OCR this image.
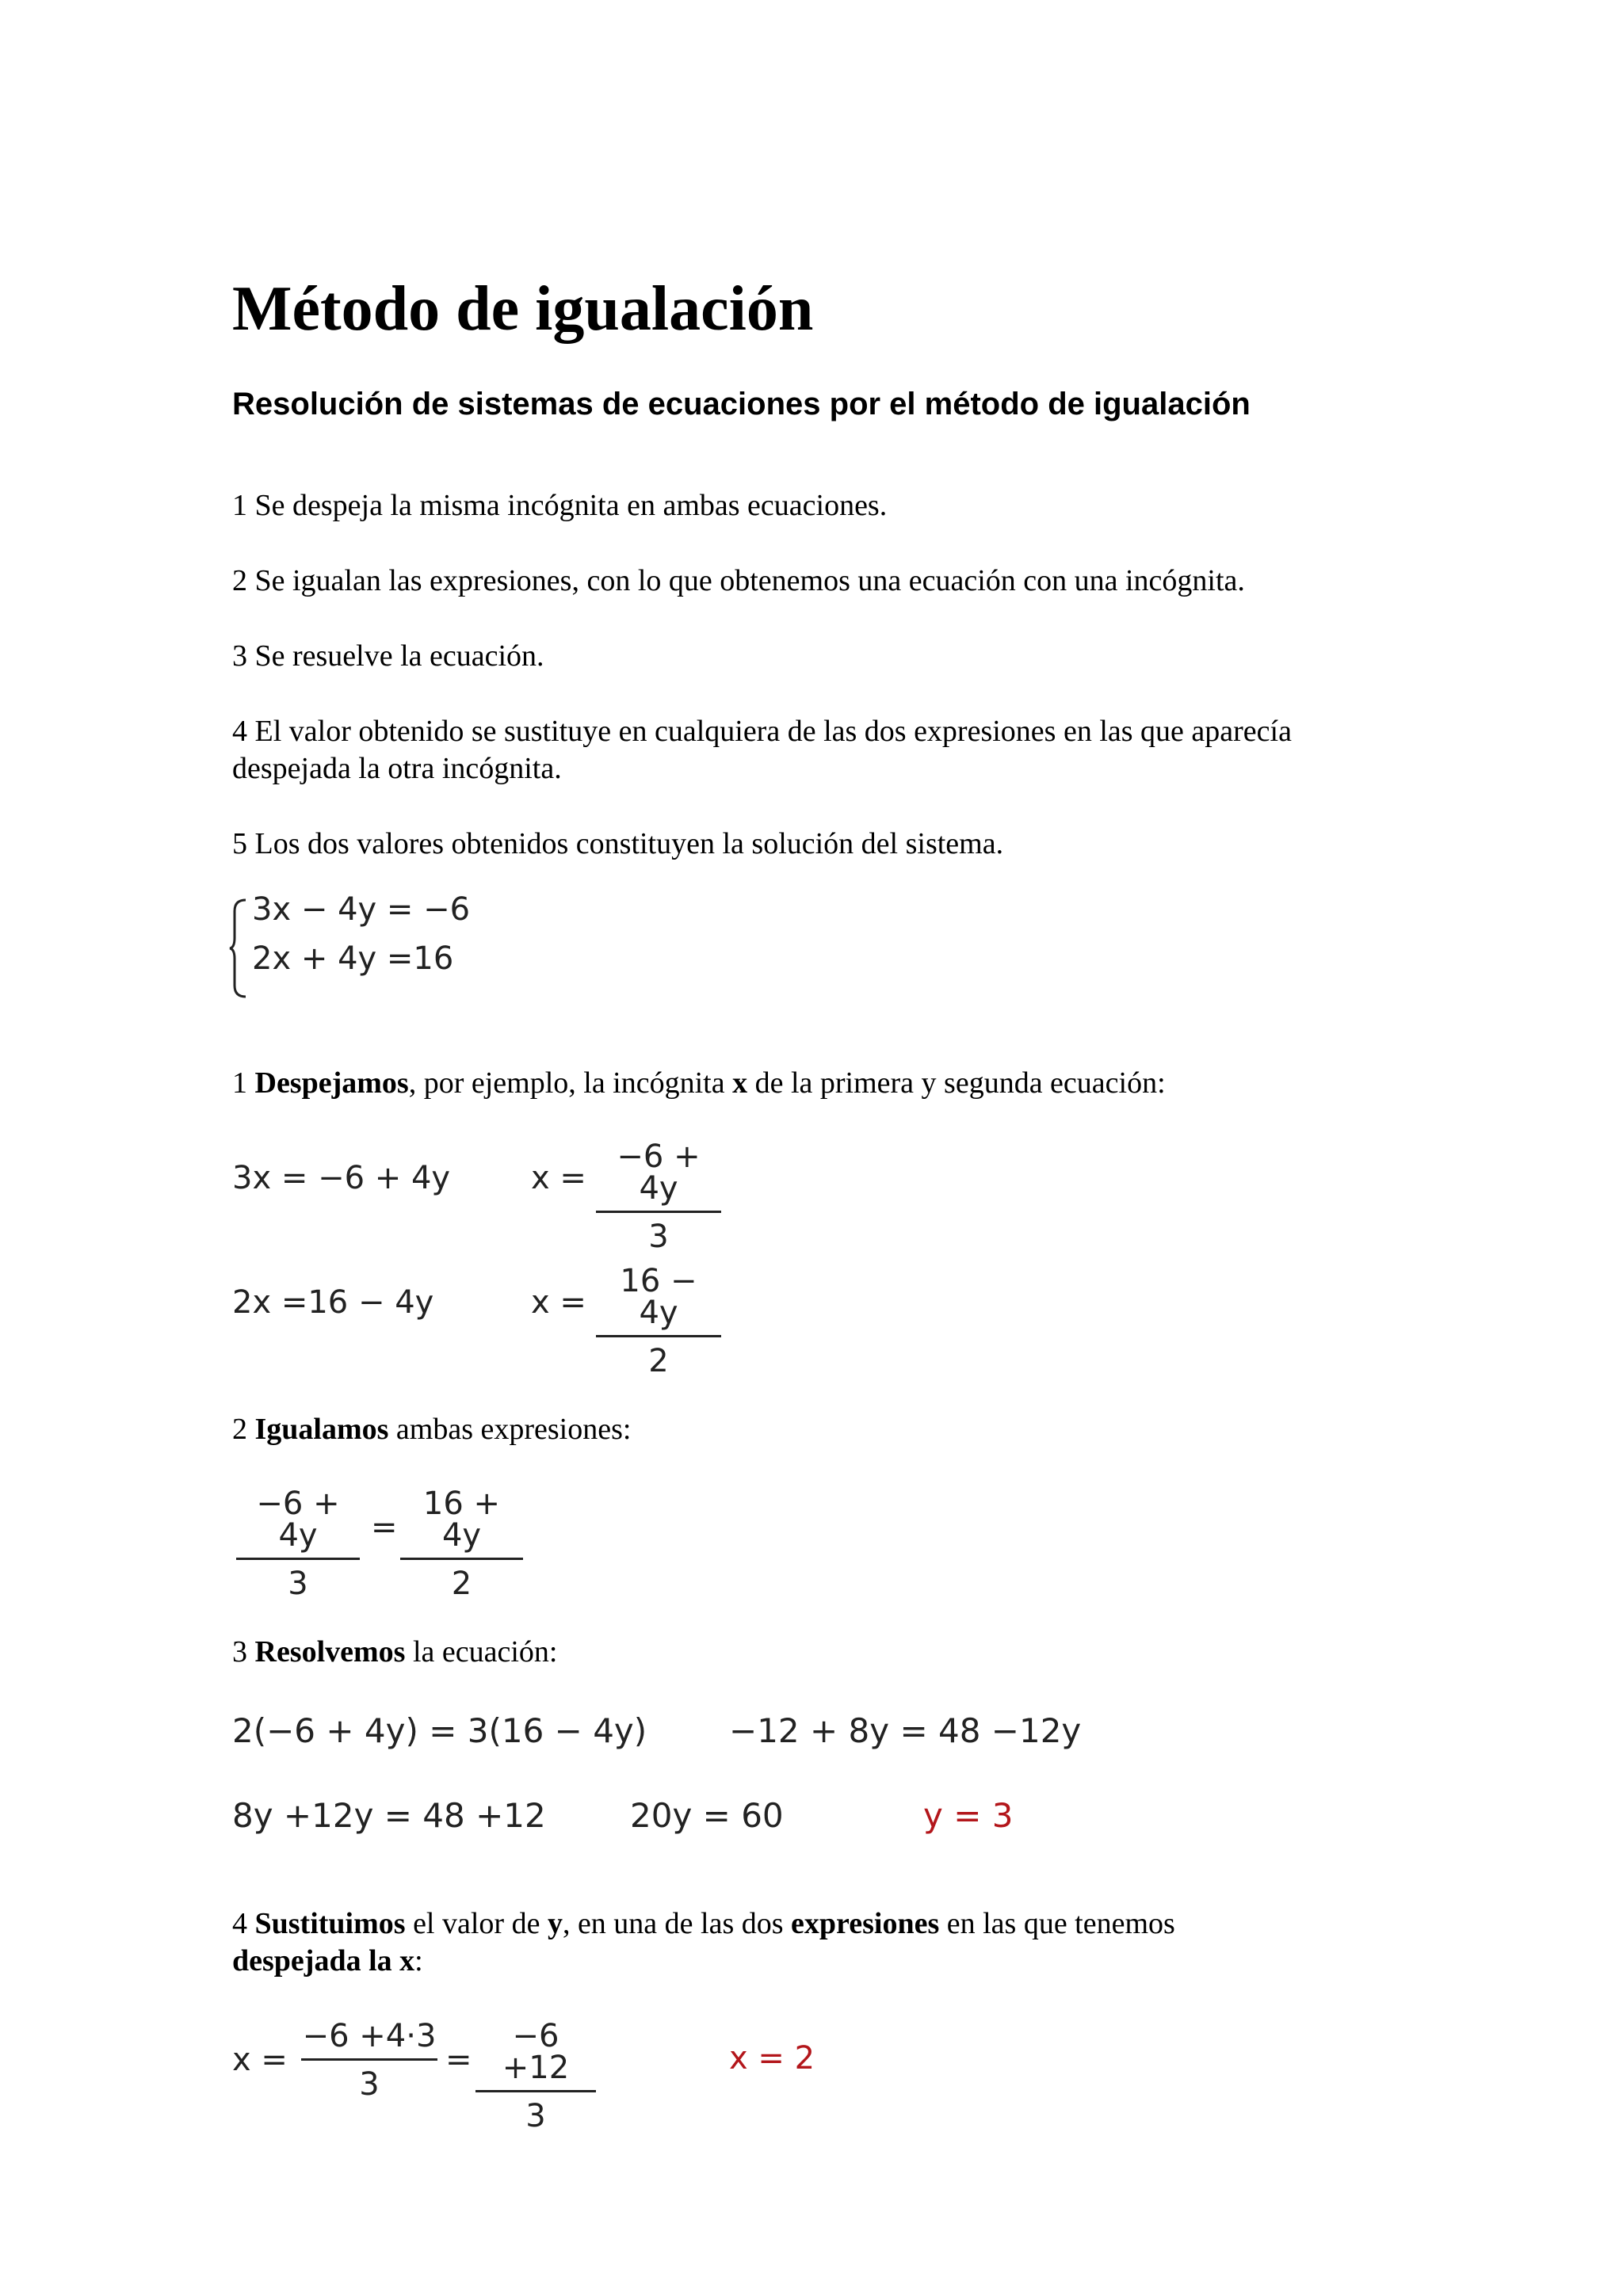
Método de igualación
Resolución de sistemas de ecuaciones por el método de igualación
1 Se despeja la misma incógnita en ambas ecuaciones.
2 Se igualan las expresiones, con lo que obtenemos una ecuación con una incógnita.
3 Se resuelve la ecuación.
4 El valor obtenido se sustituye en cualquiera de las dos expresiones en las que aparecía
despejada la otra incógnita.
5 Los dos valores obtenidos constituyen la solución del sistema.
3x − 4y = −6
2x + 4y =16
1 Despejamos, por ejemplo, la incógnita x de la primera y segunda ecuación:
3x = −6 + 4y	x =
−6 + 4y
3
2x =16 − 4y	x =
16 − 4y
2
2 Igualamos ambas expresiones:
−6 + 4y
3
=
16 + 4y
2
3 Resolvemos la ecuación:
2(−6 + 4y) = 3(16 − 4y) −12 + 8y = 48 −12y
8y +12y = 48 +12	20y = 60	y = 3
4 Sustituimos el valor de y, en una de las dos expresiones en las que tenemos
despejada la x:
x =
−6 +4·3
3
=
−6 +12
3
x = 2
